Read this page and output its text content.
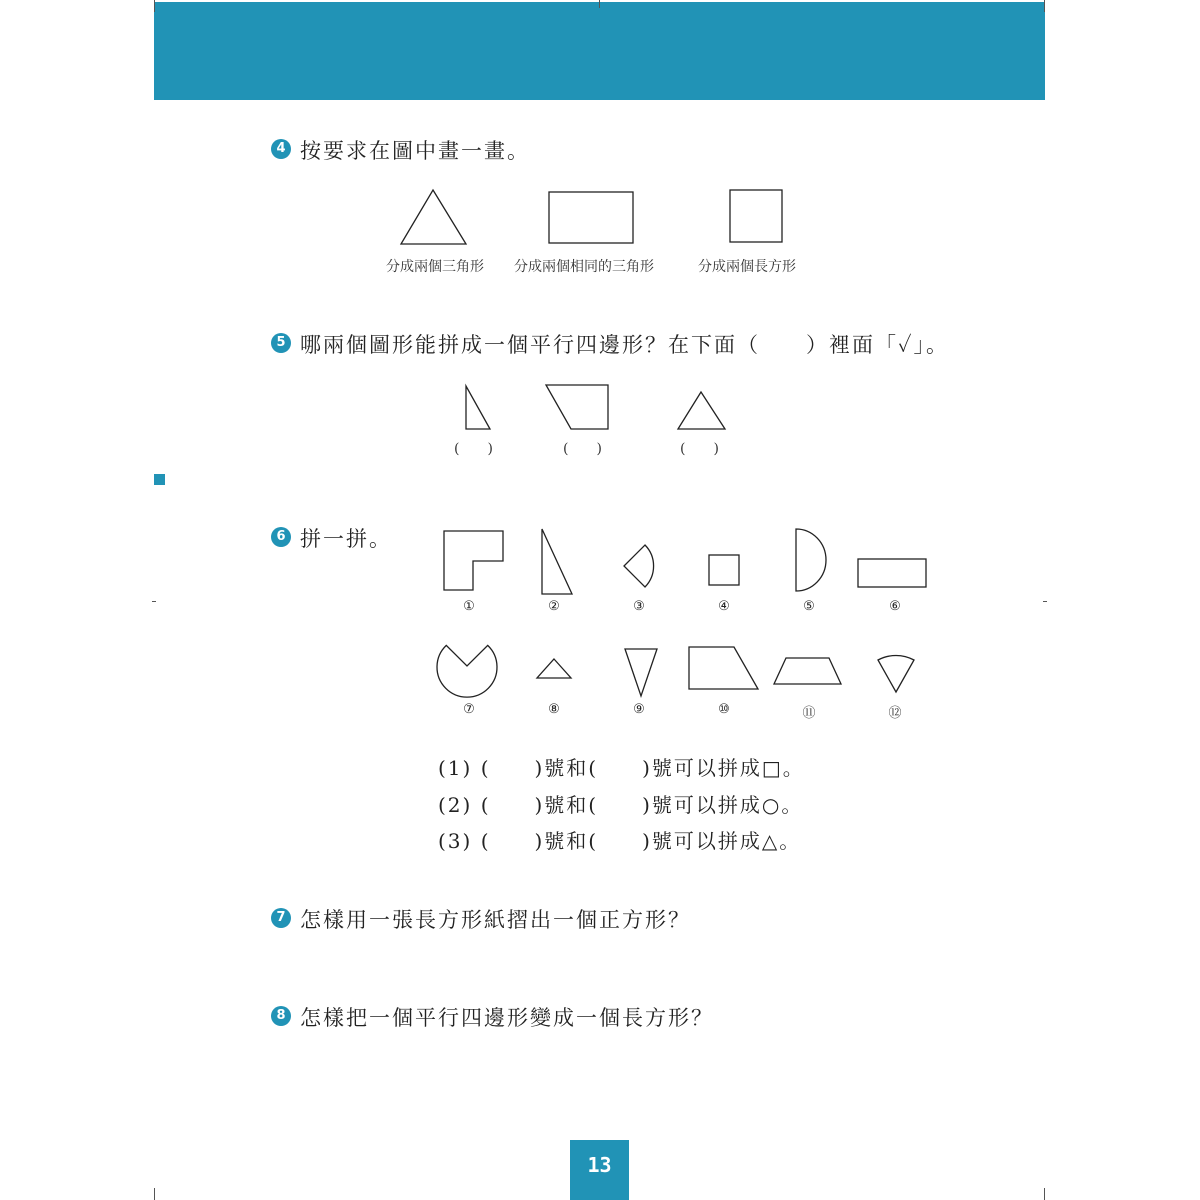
4 按要求在圖中畫一畫。
分成兩個三角形 分成兩個相同的三角形	分成兩個長方形
5 哪兩個圖形能拼成一個平行四邊形？在下面（　　）裡面「✓」。
(　　)	(　　)	(　　)
6 拼一拼。
①	②	③	④	⑤	⑥
⑦	⑧	⑨	⑩	⑪	⑫
(1) (　　)號和(　　)號可以拼成□。
(2) (　　)號和(　　)號可以拼成○。
(3) (　　)號和(　　)號可以拼成△。
7 怎樣用一張長方形紙摺出一個正方形？
8 怎樣把一個平行四邊形變成一個長方形？
13
